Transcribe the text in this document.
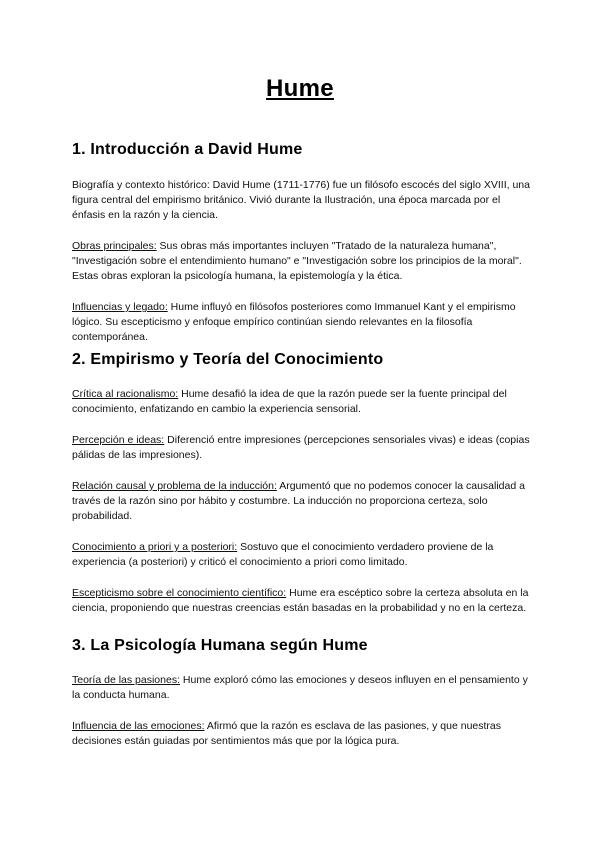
Hume
1. Introducción a David Hume

Biografía y contexto histórico: David Hume (1711-1776) fue un filósofo escocés del siglo XVIII, una figura central del empirismo británico. Vivió durante la Ilustración, una época marcada por el énfasis en la razón y la ciencia.

Obras principales: Sus obras más importantes incluyen "Tratado de la naturaleza humana", "Investigación sobre el entendimiento humano" e "Investigación sobre los principios de la moral". Estas obras exploran la psicología humana, la epistemología y la ética.

Influencias y legado: Hume influyó en filósofos posteriores como Immanuel Kant y el empirismo lógico. Su escepticismo y enfoque empírico continúan siendo relevantes en la filosofía contemporánea.

2. Empirismo y Teoría del Conocimiento

Crítica al racionalismo: Hume desafió la idea de que la razón puede ser la fuente principal del conocimiento, enfatizando en cambio la experiencia sensorial.

Percepción e ideas: Diferenció entre impresiones (percepciones sensoriales vivas) e ideas (copias pálidas de las impresiones).

Relación causal y problema de la inducción: Argumentó que no podemos conocer la causalidad a través de la razón sino por hábito y costumbre. La inducción no proporciona certeza, solo probabilidad.

Conocimiento a priori y a posteriori: Sostuvo que el conocimiento verdadero proviene de la experiencia (a posteriori) y criticó el conocimiento a priori como limitado.

Escepticismo sobre el conocimiento científico: Hume era escéptico sobre la certeza absoluta en la ciencia, proponiendo que nuestras creencias están basadas en la probabilidad y no en la certeza.

3. La Psicología Humana según Hume

Teoría de las pasiones: Hume exploró cómo las emociones y deseos influyen en el pensamiento y la conducta humana.

Influencia de las emociones: Afirmó que la razón es esclava de las pasiones, y que nuestras decisiones están guiadas por sentimientos más que por la lógica pura.
